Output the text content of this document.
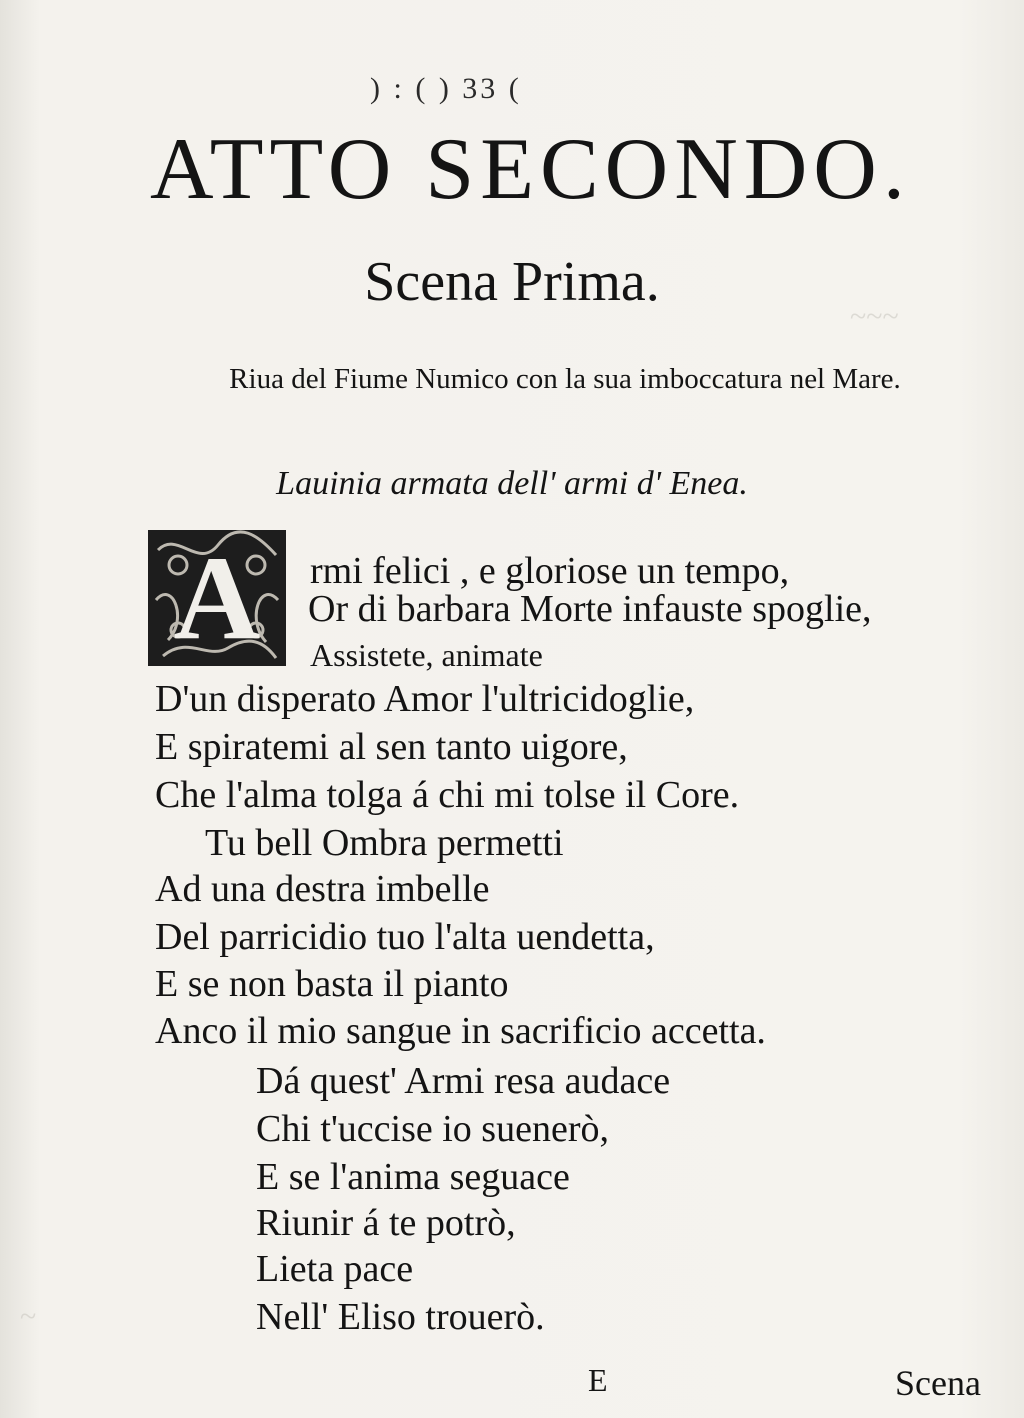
~~~
~
) : ( ) 33 (
ATTO SECONDO.
Scena Prima.
Riua del Fiume Numico con la sua imboccatura nel Mare.
Lauinia armata dell' armi d' Enea.
A rmi felici , e gloriose un tempo,
Or di barbara Morte infauste spoglie,
Assistete, animate
D'un disperato Amor l'ultricidoglie,
E spiratemi al sen tanto uigore,
Che l'alma tolga á chi mi tolse il Core.
Tu bell Ombra permetti
Ad una destra imbelle
Del parricidio tuo l'alta uendetta,
E se non basta il pianto
Anco il mio sangue in sacrificio accetta.
Dá quest' Armi resa audace
Chi t'uccise io suenerò,
E se l'anima seguace
Riunir á te potrò,
Lieta pace
Nell' Eliso trouerò.
E	Scena
